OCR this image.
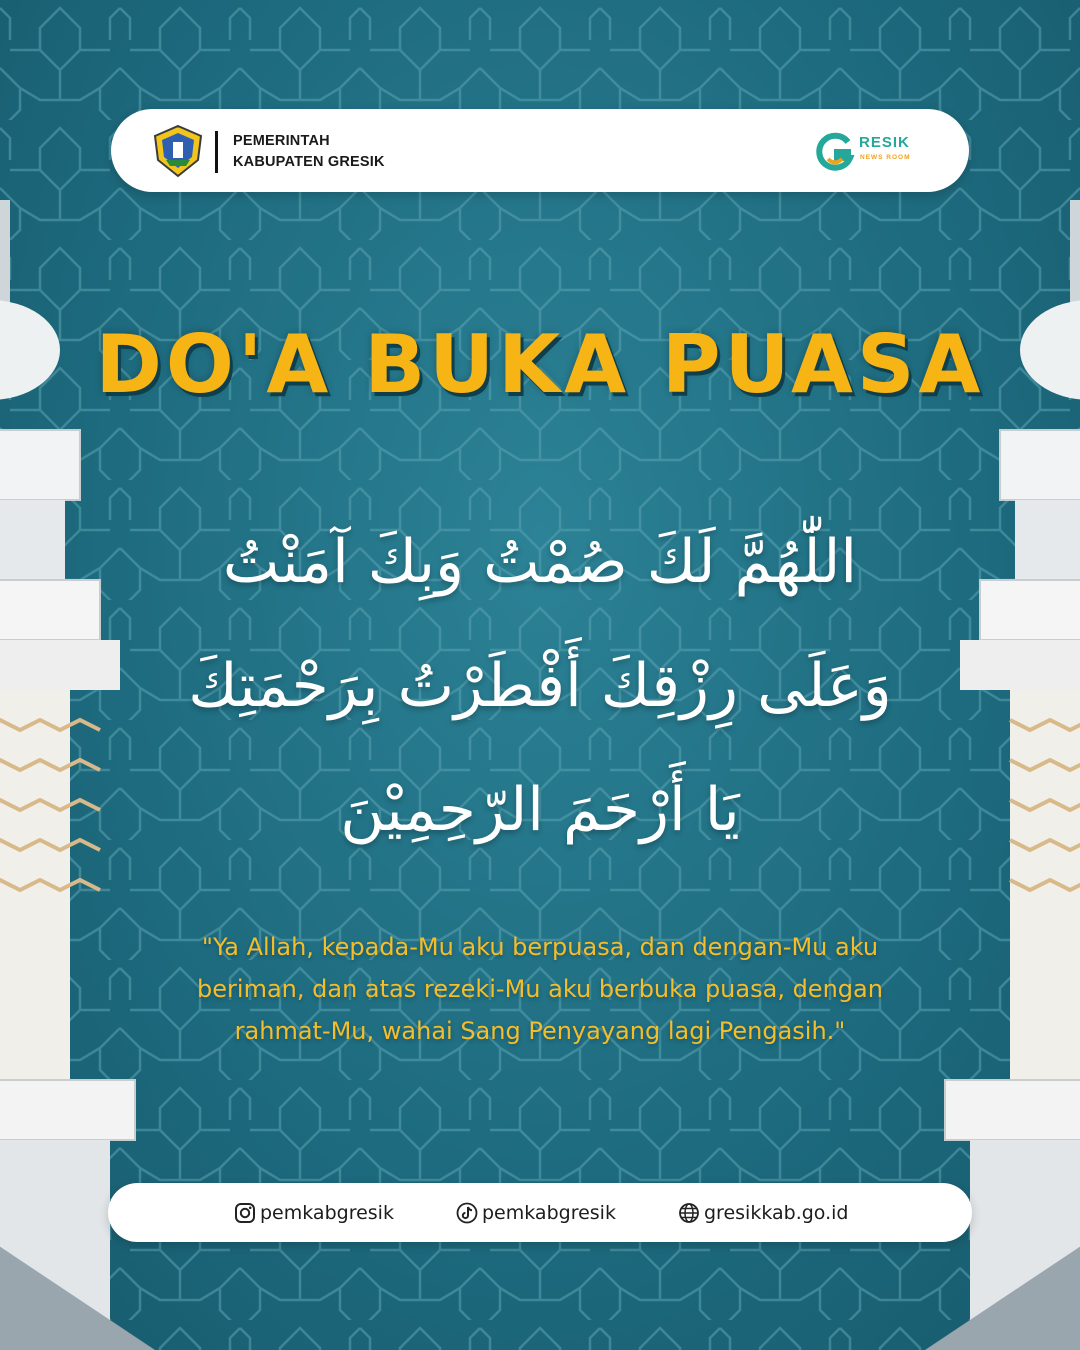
PEMERINTAH
KABUPATEN GRESIK
RESIK
NEWS ROOM
DO'A BUKA PUASA
اللّٰهُمَّ لَكَ صُمْتُ وَبِكَ آمَنْتُ
وَعَلَى رِزْقِكَ أَفْطَرْتُ بِرَحْمَتِكَ
يَا أَرْحَمَ الرّحِمِيْنَ
"Ya Allah, kepada-Mu aku berpuasa, dan dengan-Mu aku
beriman, dan atas rezeki-Mu aku berbuka puasa, dengan
rahmat-Mu, wahai Sang Penyayang lagi Pengasih."
pemkabgresik	pemkabgresik	gresikkab.go.id
